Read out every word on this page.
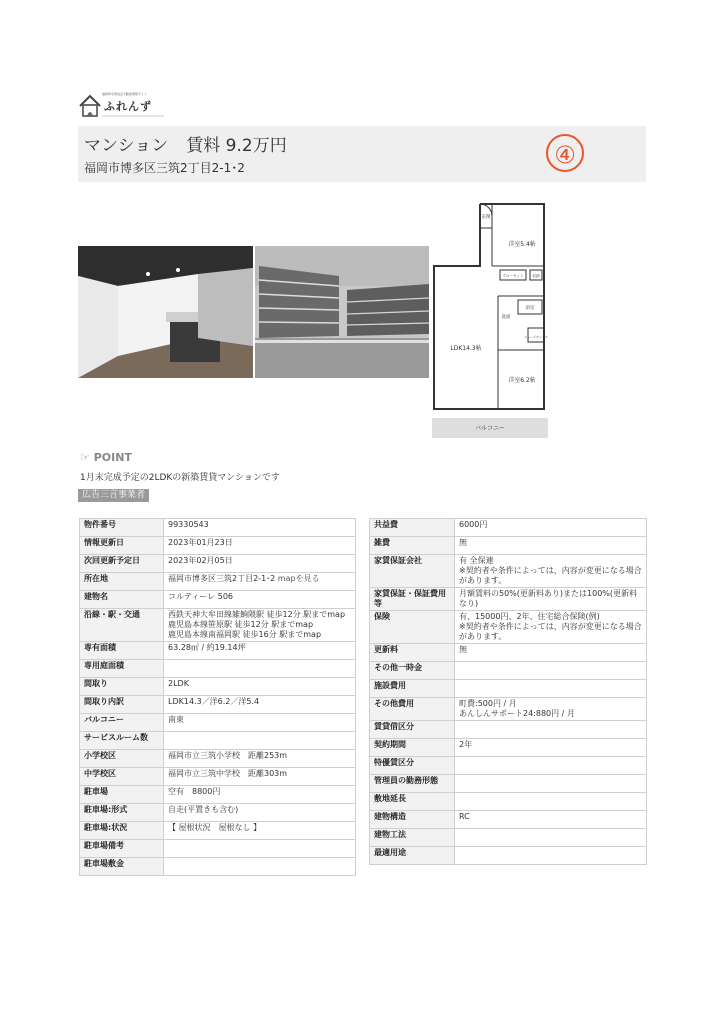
福岡県宅建協会不動産情報サイト
ふれんず
マンション 賃料 9.2万円
福岡市博多区三筑2丁目2-1･2	④
バルコニー
洋室5.4帖
LDK14.3帖
洋室6.2帖
浴室
洗面
玄関
クローゼット	収納
シューズボックス
☞ POINT
1月末完成予定の2LDKの新築賃貸マンションです
広告三言事業者
物件番号	99330543
情報更新日	2023年01月23日
次回更新予定日	2023年02月05日
所在地	福岡市博多区三筑2丁目2-1･2 mapを見る
建物名	コルティーレ 506
沿線・駅・交通	西鉄天神大牟田線雑餉隈駅 徒歩12分 駅までmap
鹿児島本線笹原駅 徒歩12分 駅までmap
鹿児島本線南福岡駅 徒歩16分 駅までmap

専有面積	63.28㎡ / 約19.14坪
専用庭面積	
間取り	2LDK
間取り内訳	LDK14.3／洋6.2／洋5.4
バルコニー	南東
サービスルーム数	
小学校区	福岡市立三筑小学校　距離253m
中学校区	福岡市立三筑中学校　距離303m
駐車場	空有　8800円
駐車場:形式	自走(平置きも含む)
駐車場:状況	【 屋根状況　屋根なし 】
駐車場備考	
駐車場敷金	
共益費	6000円
雑費	無
家賃保証会社	有 全保連
※契約者や条件によっては、内容が変更になる場合があります。

家賃保証・保証費用等	月額賃料の50%(更新料あり)または100%(更新料なり)
保険	有、15000円、2年、住宅総合保険(例)
※契約者や条件によっては、内容が変更になる場合があります。

更新料	無
その他一時金	
施設費用	
その他費用	町費:500円 / 月
あんしんサポート24:880円 / 月

賃貸借区分	
契約期間	2年
特優賃区分	
管理員の勤務形態	
敷地延長	
建物構造	RC
建物工法	
最適用途	
